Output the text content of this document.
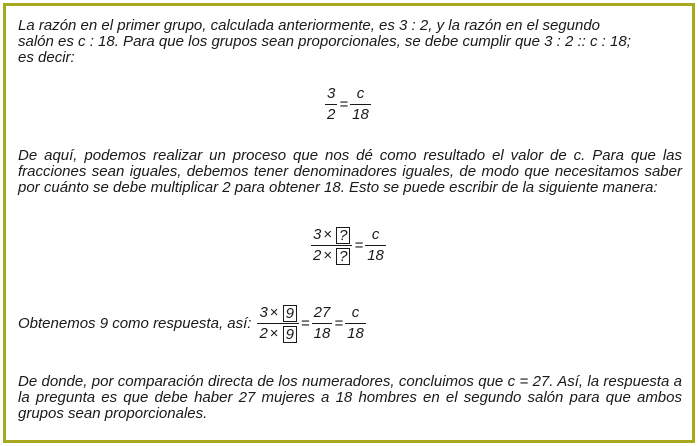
La razón en el primer grupo, calculada anteriormente, es 3 : 2, y la razón en el segundo

salón es c : 18. Para que los grupos sean proporcionales, se debe cumplir que 3 : 2 :: c : 18;

es decir:

$\frac{3}{2} = \frac{c}{18}$

De aquí, podemos realizar un proceso que nos dé como resultado el valor de c. Para que las fracciones sean iguales, debemos tener denominadores iguales, de modo que necesitamos saber por cuánto se debe multiplicar 2 para obtener 18. Esto se puede escribir de la siguiente manera:

$\frac{3 \times ?}{2 \times ?} = \frac{c}{18}$
Obtenemos 9 como respuesta, así: $\frac{3 \times 9}{2 \times 9} = \frac{27}{18} = \frac{c}{18}$

De donde, por comparación directa de los numeradores, concluimos que c = 27. Así, la respuesta a la pregunta es que debe haber 27 mujeres a 18 hombres en el segundo salón para que ambos grupos sean proporcionales.
